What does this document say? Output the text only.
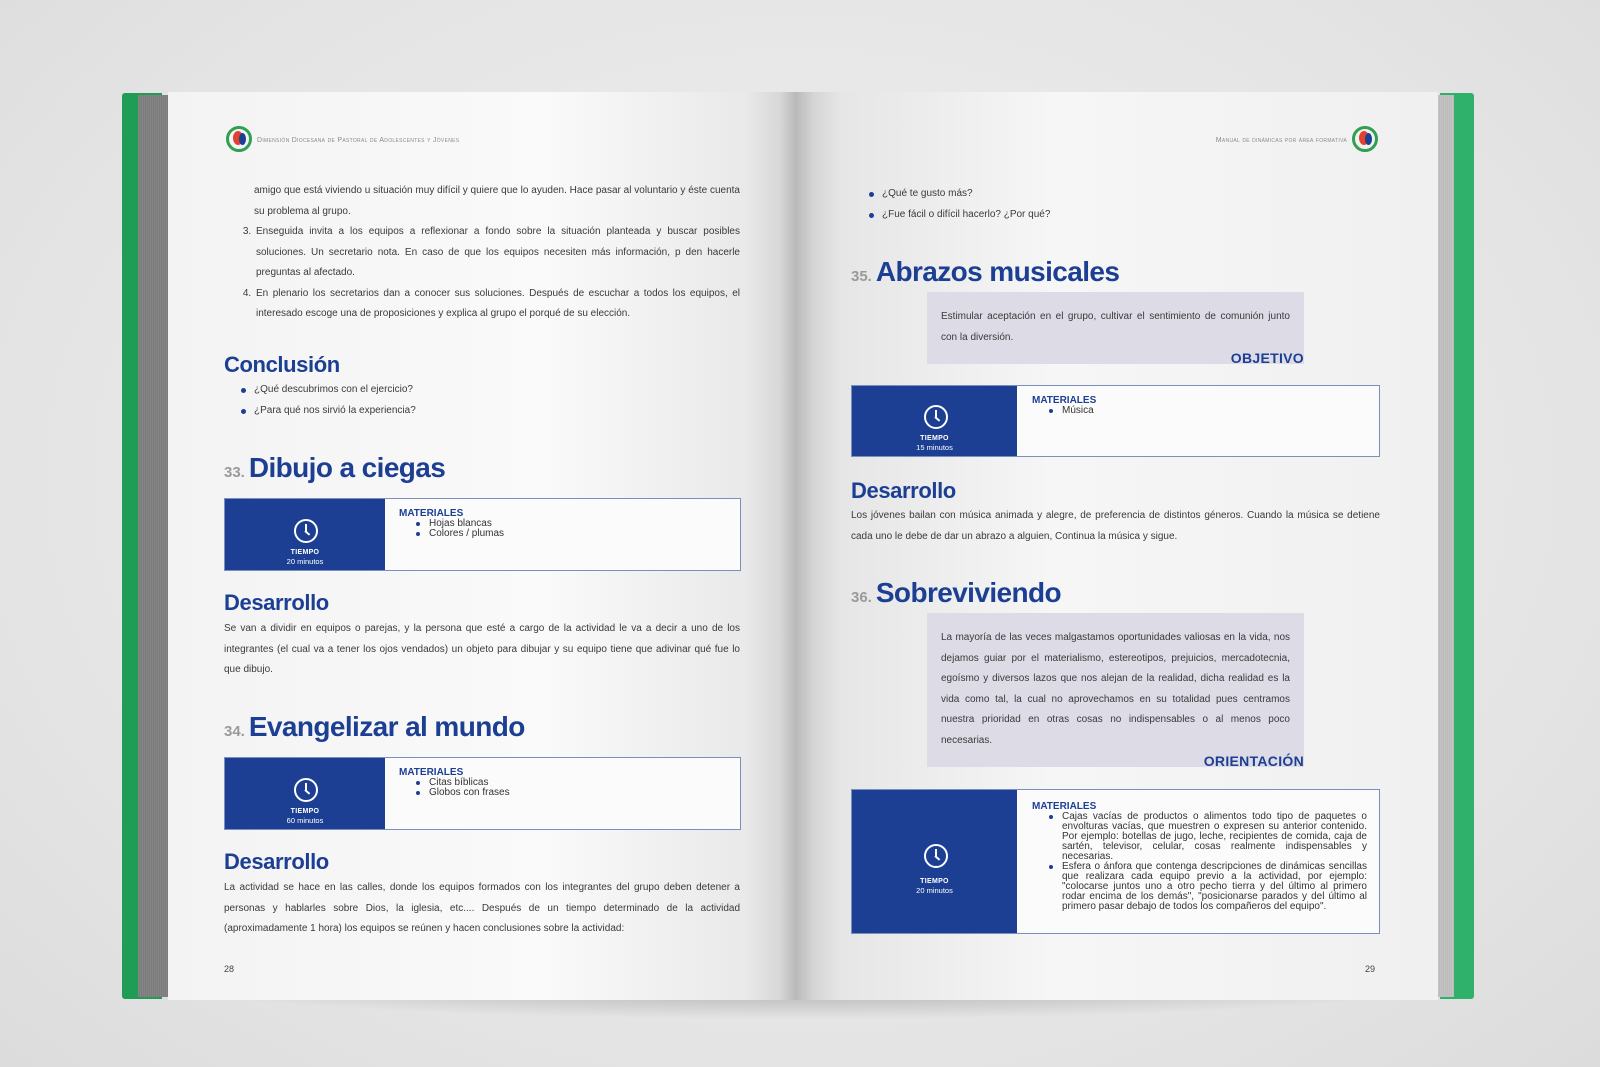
Dimensión Diocesana de Pastoral de Adolescentes y Jóvenes
amigo que está viviendo u situación muy difícil y quiere que lo ayuden. Hace pasar al voluntario y éste cuenta su problema al grupo.
3. Enseguida invita a los equipos a reflexionar a fondo sobre la situación planteada y buscar posibles soluciones. Un secretario nota. En caso de que los equipos necesiten más información, p den hacerle preguntas al afectado.
4. En plenario los secretarios dan a conocer sus soluciones. Después de escuchar a todos los equipos, el interesado escoge una de proposiciones y explica al grupo el porqué de su elección.
Conclusión
¿Qué descubrimos con el ejercicio?
¿Para qué nos sirvió la experiencia?
33. Dibujo a ciegas
TIEMPO
20 minutos
MATERIALES
Hojas blancas
Colores / plumas
Desarrollo
Se van a dividir en equipos o parejas, y la persona que esté a cargo de la actividad le va a decir a uno de los integrantes (el cual va a tener los ojos vendados) un objeto para dibujar y su equipo tiene que adivinar qué fue lo que dibujo.
34. Evangelizar al mundo
TIEMPO
60 minutos
MATERIALES
Citas bíblicas
Globos con frases
Desarrollo
La actividad se hace en las calles, donde los equipos formados con los integrantes del grupo deben detener a personas y hablarles sobre Dios, la iglesia, etc.... Después de un tiempo determinado de la actividad (aproximadamente 1 hora) los equipos se reúnen y hacen conclusiones sobre la actividad:
28
Manual de dinámicas por área formativa
¿Qué te gusto más?
¿Fue fácil o difícil hacerlo? ¿Por qué?
35. Abrazos musicales
Estimular aceptación en el grupo, cultivar el sentimiento de comunión junto con la diversión.
OBJETIVO
TIEMPO
15 minutos
MATERIALES
Música
Desarrollo
Los jóvenes bailan con música animada y alegre, de preferencia de distintos géneros. Cuando la música se detiene cada uno le debe de dar un abrazo a alguien, Continua la música y sigue.
36. Sobreviviendo
La mayoría de las veces malgastamos oportunidades valiosas en la vida, nos dejamos guiar por el materialismo, estereotipos, prejuicios, mercadotecnia, egoísmo y diversos lazos que nos alejan de la realidad, dicha realidad es la vida como tal, la cual no aprovechamos en su totalidad pues centramos nuestra prioridad en otras cosas no indispensables o al menos poco necesarias.
ORIENTACIÓN
TIEMPO
20 minutos
MATERIALES
Cajas vacías de productos o alimentos todo tipo de paquetes o envolturas vacías, que muestren o expresen su anterior contenido. Por ejemplo: botellas de jugo, leche, recipientes de comida, caja de sartén, televisor, celular, cosas realmente indispensables y necesarias.
Esfera o ánfora que contenga descripciones de dinámicas sencillas que realizara cada equipo previo a la actividad, por ejemplo: "colocarse juntos uno a otro pecho tierra y del último al primero rodar encima de los demás", "posicionarse parados y del último al primero pasar debajo de todos los compañeros del equipo".
29
